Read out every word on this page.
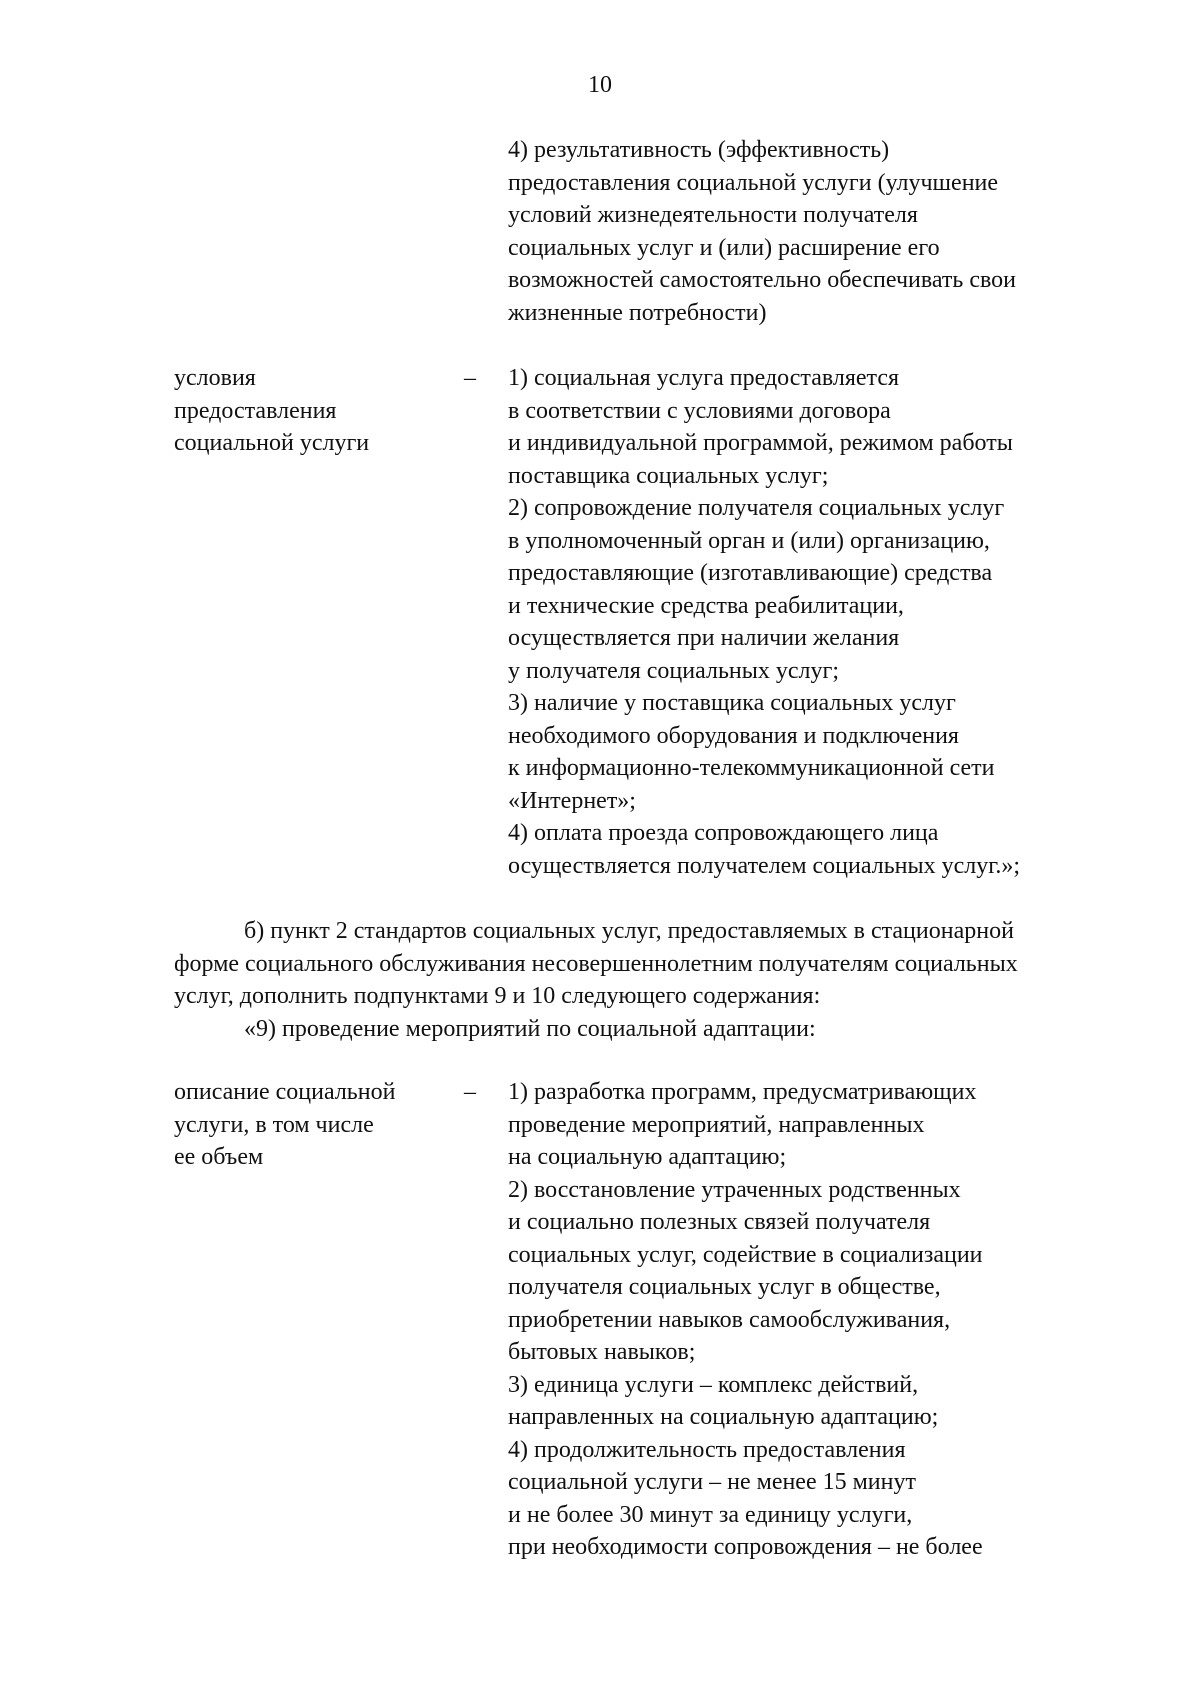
10
4) результативность (эффективность)
предоставления социальной услуги (улучшение
условий жизнедеятельности получателя
социальных услуг и (или) расширение его
возможностей самостоятельно обеспечивать свои
жизненные потребности)
условия
предоставления
социальной услуги
– 1) социальная услуга предоставляется
в соответствии с условиями договора
и индивидуальной программой, режимом работы
поставщика социальных услуг;
2) сопровождение получателя социальных услуг
в уполномоченный орган и (или) организацию,
предоставляющие (изготавливающие) средства
и технические средства реабилитации,
осуществляется при наличии желания
у получателя социальных услуг;
3) наличие у поставщика социальных услуг
необходимого оборудования и подключения
к информационно-телекоммуникационной сети
«Интернет»;
4) оплата проезда сопровождающего лица
осуществляется получателем социальных услуг.»;
б) пункт 2 стандартов социальных услуг, предоставляемых в стационарной
форме социального обслуживания несовершеннолетним получателям социальных
услуг, дополнить подпунктами 9 и 10 следующего содержания:
«9) проведение мероприятий по социальной адаптации:
описание социальной
услуги, в том числе
ее объем
– 1) разработка программ, предусматривающих
проведение мероприятий, направленных
на социальную адаптацию;
2) восстановление утраченных родственных
и социально полезных связей получателя
социальных услуг, содействие в социализации
получателя социальных услуг в обществе,
приобретении навыков самообслуживания,
бытовых навыков;
3) единица услуги – комплекс действий,
направленных на социальную адаптацию;
4) продолжительность предоставления
социальной услуги – не менее 15 минут
и не более 30 минут за единицу услуги,
при необходимости сопровождения – не более
